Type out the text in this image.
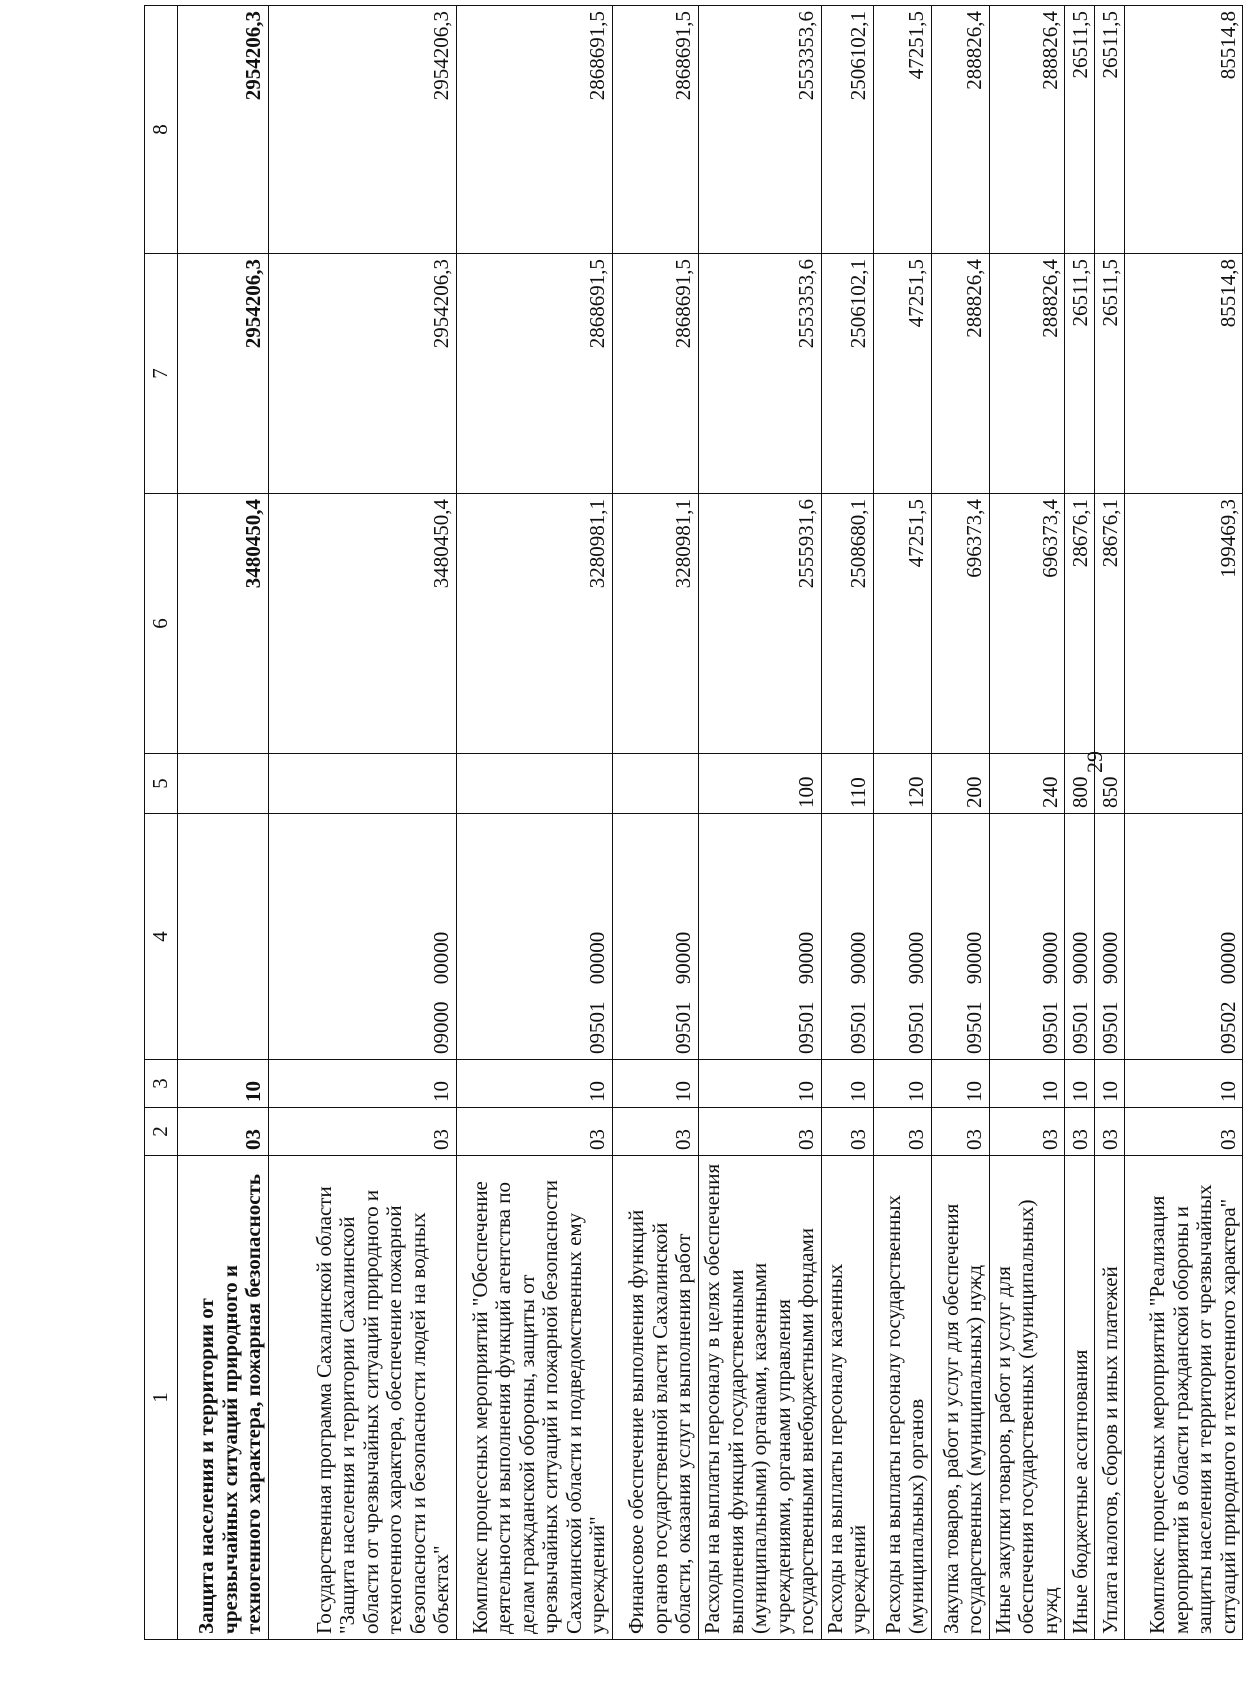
29
1	2	3	4	5	6	7	8
Защита населения и территории от чрезвычайных ситуаций природного и техногенного характера, пожарная безопасность	03	10			3480450,4	2954206,3	2954206,3
Государственная программа Сахалинской области "Защита населения и территории Сахалинской области от чрезвычайных ситуаций природного и техногенного характера, обеспечение пожарной безопасности и безопасности людей на водных объектах"	03	10	09000 00000		3480450,4	2954206,3	2954206,3
Комплекс процессных мероприятий "Обеспечение деятельности и выполнения функций агентства по делам гражданской обороны, защиты от чрезвычайных ситуаций и пожарной безопасности Сахалинской области и подведомственных ему учреждений"	03	10	09501 00000		3280981,1	2868691,5	2868691,5
Финансовое обеспечение выполнения функций органов государственной власти Сахалинской области, оказания услуг и выполнения работ	03	10	09501 90000		3280981,1	2868691,5	2868691,5
Расходы на выплаты персоналу в целях обеспечения выполнения функций государственными (муниципальными) органами, казенными учреждениями, органами управления государственными внебюджетными фондами	03	10	09501 90000	100	2555931,6	2553353,6	2553353,6
Расходы на выплаты персоналу казенных учреждений	03	10	09501 90000	110	2508680,1	2506102,1	2506102,1
Расходы на выплаты персоналу государственных (муниципальных) органов	03	10	09501 90000	120	47251,5	47251,5	47251,5
Закупка товаров, работ и услуг для обеспечения государственных (муниципальных) нужд	03	10	09501 90000	200	696373,4	288826,4	288826,4
Иные закупки товаров, работ и услуг для обеспечения государственных (муниципальных) нужд	03	10	09501 90000	240	696373,4	288826,4	288826,4
Иные бюджетные ассигнования	03	10	09501 90000	800	28676,1	26511,5	26511,5
Уплата налогов, сборов и иных платежей	03	10	09501 90000	850	28676,1	26511,5	26511,5
Комплекс процессных мероприятий "Реализация мероприятий в области гражданской обороны и защиты населения и территории от чрезвычайных ситуаций природного и техногенного характера"	03	10	09502 00000		199469,3	85514,8	85514,8
